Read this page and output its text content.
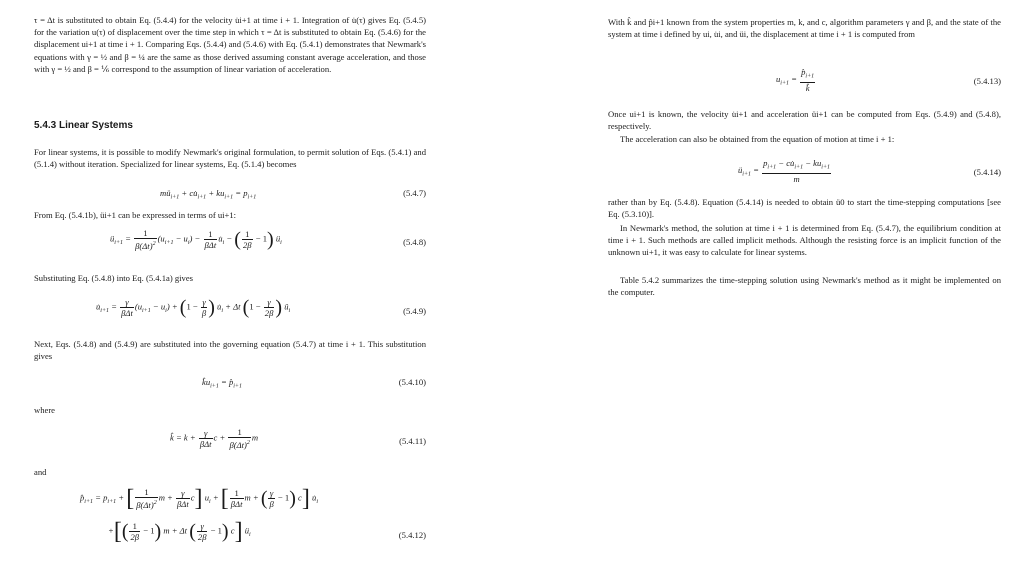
τ = Δt is substituted to obtain Eq. (5.4.4) for the velocity u̇i+1 at time i + 1. Integration of u̇(τ) gives Eq. (5.4.5) for the variation u(τ) of displacement over the time step in which τ = Δt is substituted to obtain Eq. (5.4.6) for the displacement ui+1 at time i + 1. Comparing Eqs. (5.4.4) and (5.4.6) with Eq. (5.4.1) demonstrates that Newmark's equations with γ = ½ and β = ¼ are the same as those derived assuming constant average acceleration, and those with γ = ½ and β = ⅙ correspond to the assumption of linear variation of acceleration.
5.4.3 Linear Systems
For linear systems, it is possible to modify Newmark's original formulation, to permit solution of Eqs. (5.4.1) and (5.1.4) without iteration. Specialized for linear systems, Eq. (5.1.4) becomes
$mü_{i+1}$ + $cu̇_{i+1} + ku_{i+1} = p_{i+1}$	(5.4.7)
From Eq. (5.4.1b), üi+1 can be expressed in terms of ui+1:
$ü_{i+1} = \frac{1}{\beta(\Delta t)^2} (u_{i+1} - u_i) - \frac{1}{\text{βΔt}}$ $u̇_i$ − ( $\frac{1}{2\beta} - 1$) $ü_i$	(5.4.8)
Substituting Eq. (5.4.8) into Eq. (5.4.1a) gives
$u̇_{i+1} = \frac{\gamma}{\text{βΔt}} (u_{i+1} - u_i) + (1 - \frac{\gamma}{\beta}$ ) $u̇_i + \Delta t$ ($1 - \frac{\gamma}{2\beta}$ ) $ü_i$	(5.4.9)
Next, Eqs. (5.4.8) and (5.4.9) are substituted into the governing equation (5.4.7) at time i + 1. This substitution gives
$k̂u_{i+1}$ = $p̂_{i+1}$	(5.4.10)
where
k̂ = $k + \frac{\gamma}{\text{βΔt}}$ $c + \frac{1}{\beta(\Delta t)^2}$ m	(5.4.11)
and
$p̂_{i+1} = p_{i+1}$ + [ $\frac{1}{\beta(\Delta t)^2}$ $m + \frac{\gamma}{\text{βΔt}} c$] $u_i$ + [ $\frac{1}{\text{βΔt}}$ m + ( $\frac{\gamma}{\beta} - 1$) c] $u̇_i$
+[( $\frac{1}{2\beta} - 1$) m + Δt ( $\frac{\gamma}{2\beta} - 1$) c] $ü_i$	(5.4.12)
With k̂ and p̂i+1 known from the system properties m, k, and c, algorithm parameters γ and β, and the state of the system at time i defined by ui, u̇i, and üi, the displacement at time i + 1 is computed from
$u_{i+1} = \frac{p̂_{i+1}}{k̂}$	(5.4.13)
Once ui+1 is known, the velocity u̇i+1 and acceleration üi+1 can be computed from Eqs. (5.4.9) and (5.4.8), respectively.
The acceleration can also be obtained from the equation of motion at time i + 1:
$ü_{i+1} = \frac{p_{i+1} - cu̇_{i+1} - ku_{i+1}}{m}$	(5.4.14)
rather than by Eq. (5.4.8). Equation (5.4.14) is needed to obtain ü0 to start the time-stepping computations [see Eq. (5.3.10)].
In Newmark's method, the solution at time i + 1 is determined from Eq. (5.4.7), the equilibrium condition at time i + 1. Such methods are called implicit methods. Although the resisting force is an implicit function of the unknown ui+1, it was easy to calculate for linear systems.
Table 5.4.2 summarizes the time-stepping solution using Newmark's method as it might be implemented on the computer.
